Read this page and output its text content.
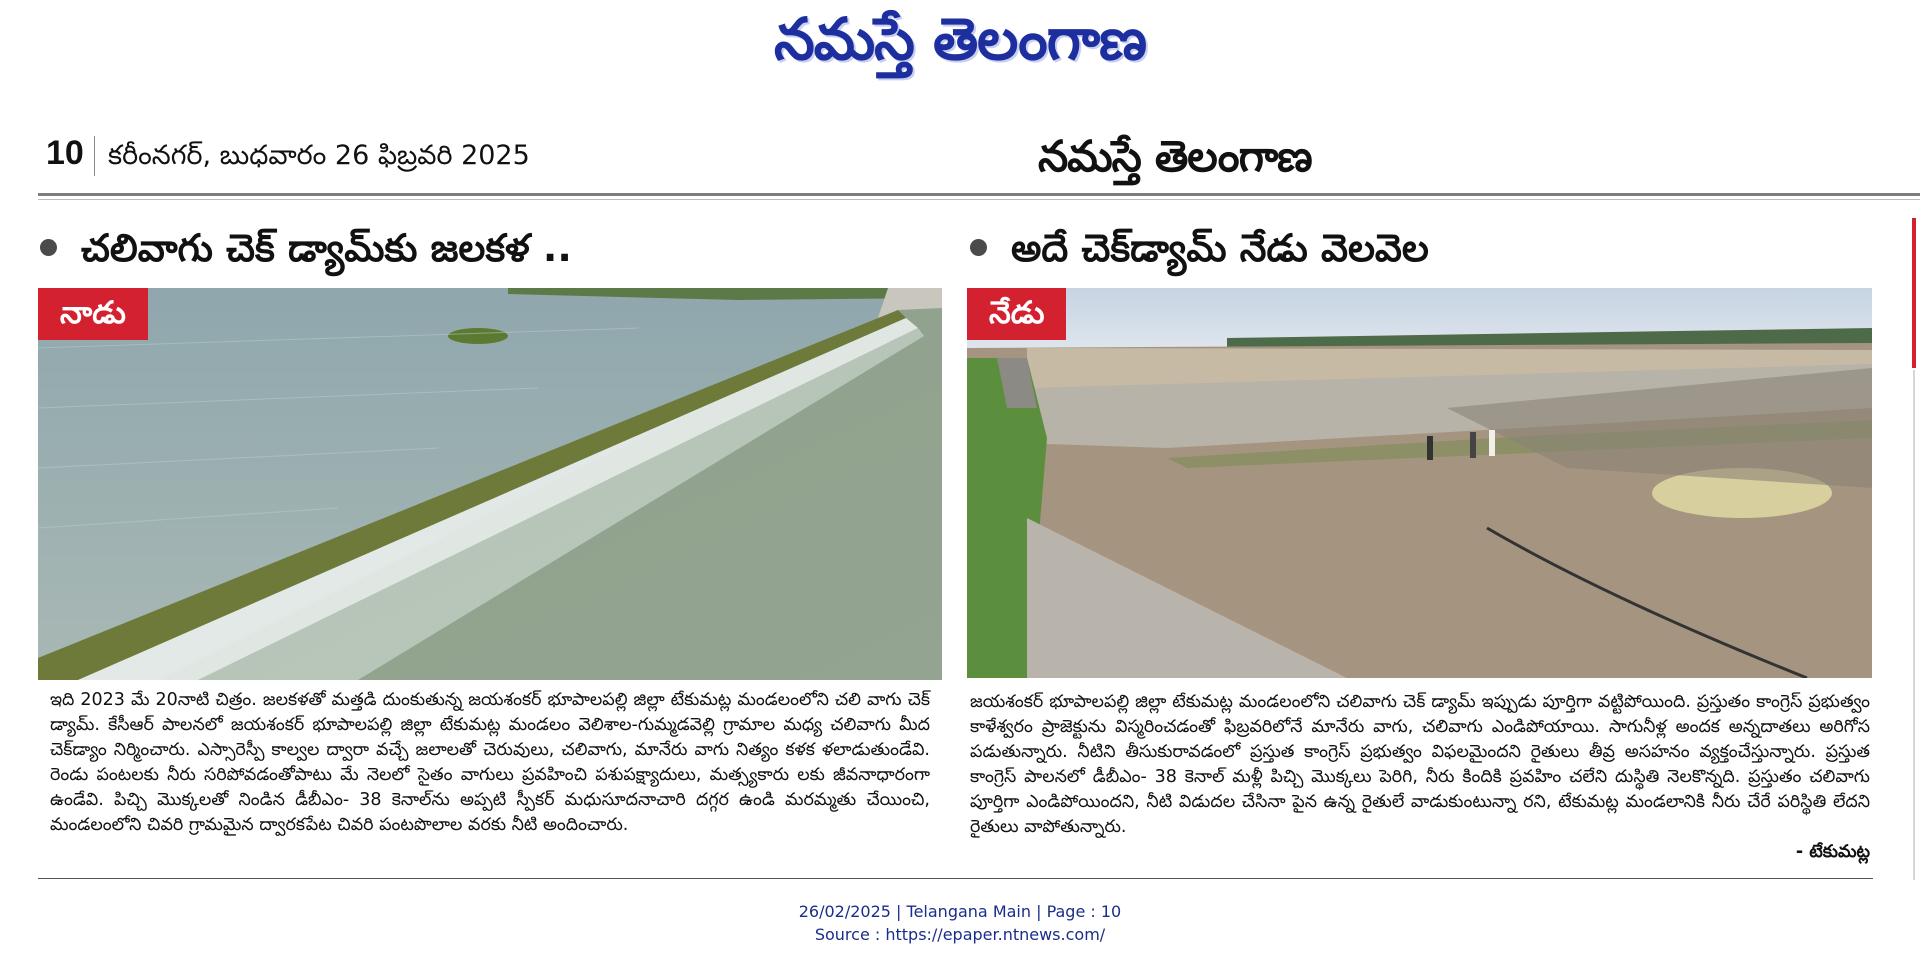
నమస్తే తెలంగాణ
10 కరీంనగర్, బుధవారం 26 ఫిబ్రవరి 2025	నమస్తే తెలంగాణ
చలివాగు చెక్ డ్యామ్‌కు జలకళ ..
నాడు

ఇది 2023 మే 20నాటి చిత్రం. జలకళతో మత్తడి దుంకుతున్న జయశంకర్ భూపాలపల్లి జిల్లా టేకుమట్ల మండలంలోని చలి వాగు చెక్ డ్యామ్. కేసీఆర్ పాలనలో జయశంకర్ భూపాలపల్లి జిల్లా టేకుమట్ల మండలం వెలిశాల-గుమ్మడవెల్లి గ్రామాల మధ్య చలివాగు మీద చెక్‌డ్యాం నిర్మించారు. ఎస్సారెస్పీ కాల్వల ద్వారా వచ్చే జలాలతో చెరువులు, చలివాగు, మానేరు వాగు నిత్యం కళక ళలాడుతుండేవి. రెండు పంటలకు నీరు సరిపోవడంతోపాటు మే నెలలో సైతం వాగులు ప్రవహించి పశుపక్ష్యాదులు, మత్స్యకారు లకు జీవనాధారంగా ఉండేవి. పిచ్చి మొక్కలతో నిండిన డీబీఎం- 38 కెనాల్‌ను అప్పటి స్పీకర్ మధుసూదనాచారి దగ్గర ఉండి మరమ్మతు చేయించి, మండలంలోని చివరి గ్రామమైన ద్వారకపేట చివరి పంటపొలాల వరకు నీటి అందించారు.

అదే చెక్‌డ్యామ్ నేడు వెలవెల
నేడు

జయశంకర్ భూపాలపల్లి జిల్లా టేకుమట్ల మండలంలోని చలివాగు చెక్ డ్యామ్ ఇప్పుడు పూర్తిగా వట్టిపోయింది. ప్రస్తుతం కాంగ్రెస్ ప్రభుత్వం కాళేశ్వరం ప్రాజెక్టును విస్మరించడంతో ఫిబ్రవరిలోనే మానేరు వాగు, చలివాగు ఎండిపోయాయి. సాగునీళ్ల అందక అన్నదాతలు అరిగోస పడుతున్నారు. నీటిని తీసుకురావడంలో ప్రస్తుత కాంగ్రెస్ ప్రభుత్వం విఫలమైందని రైతులు తీవ్ర అసహనం వ్యక్తంచేస్తున్నారు. ప్రస్తుత కాంగ్రెస్ పాలనలో డీబీఎం- 38 కెనాల్ మళ్లీ పిచ్చి మొక్కలు పెరిగి, నీరు కిందికి ప్రవహిం చలేని దుస్థితి నెలకొన్నది. ప్రస్తుతం చలివాగు పూర్తిగా ఎండిపోయిందని, నీటి విడుదల చేసినా పైన ఉన్న రైతులే వాడుకుంటున్నా రని, టేకుమట్ల మండలానికి నీరు చేరే పరిస్థితి లేదని రైతులు వాపోతున్నారు.

- టేకుమట్ల

26/02/2025 | Telangana Main | Page : 10
Source : https://epaper.ntnews.com/
